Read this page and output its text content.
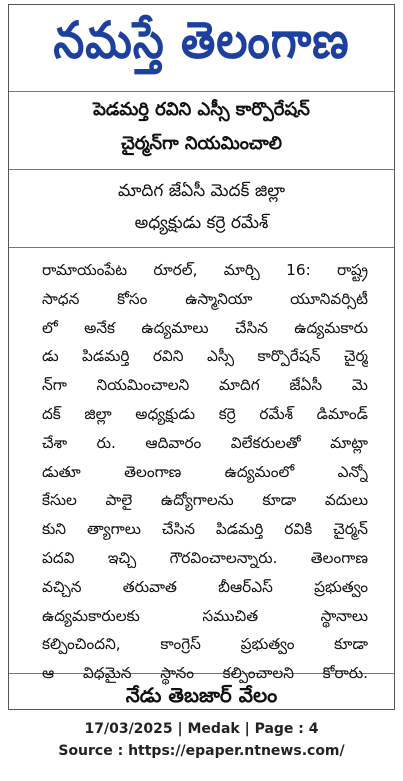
నమస్తే తెలంగాణ
పెడమర్తి రవిని ఎస్సీ కార్పొరేషన్
చైర్మన్‌గా నియమించాలి
మాదిగ జేఏసీ మెదక్ జిల్లా
అధ్యక్షుడు కర్రె రమేశ్
నేడు తెబజార్ వేలం
రామాయంపేట రూరల్, మార్చి 16: రాష్ట్ర
సాధన కోసం ఉస్మానియా యూనివర్సిటీ
లో అనేక ఉద్యమాలు చేసిన ఉద్యమకారు
డు పిడమర్తి రవిని ఎస్సీ కార్పొరేషన్ చైర్మ
న్‌గా నియమించాలని మాదిగ జేఏసీ మె
దక్ జిల్లా అధ్యక్షుడు కర్రె రమేశ్ డిమాండ్
చేశా రు. ఆదివారం విలేకరులతో మాట్లా
డుతూ తెలంగాణ ఉద్యమంలో ఎన్నో
కేసుల పాలై ఉద్యోగాలను కూడా వదులు
కుని త్యాగాలు చేసిన పిడమర్తి రవికి చైర్మన్
పదవి ఇచ్చి గౌరవించాలన్నారు. తెలంగాణ
వచ్చిన తరువాత బీఆర్‌ఎస్ ప్రభుత్వం
ఉద్యమకారులకు సముచిత స్థానాలు
కల్పించిందని, కాంగ్రెస్ ప్రభుత్వం కూడా
ఆ విధమైన స్థానం కల్పించాలని కోరారు.
17/03/2025 | Medak | Page : 4
Source : https://epaper.ntnews.com/
